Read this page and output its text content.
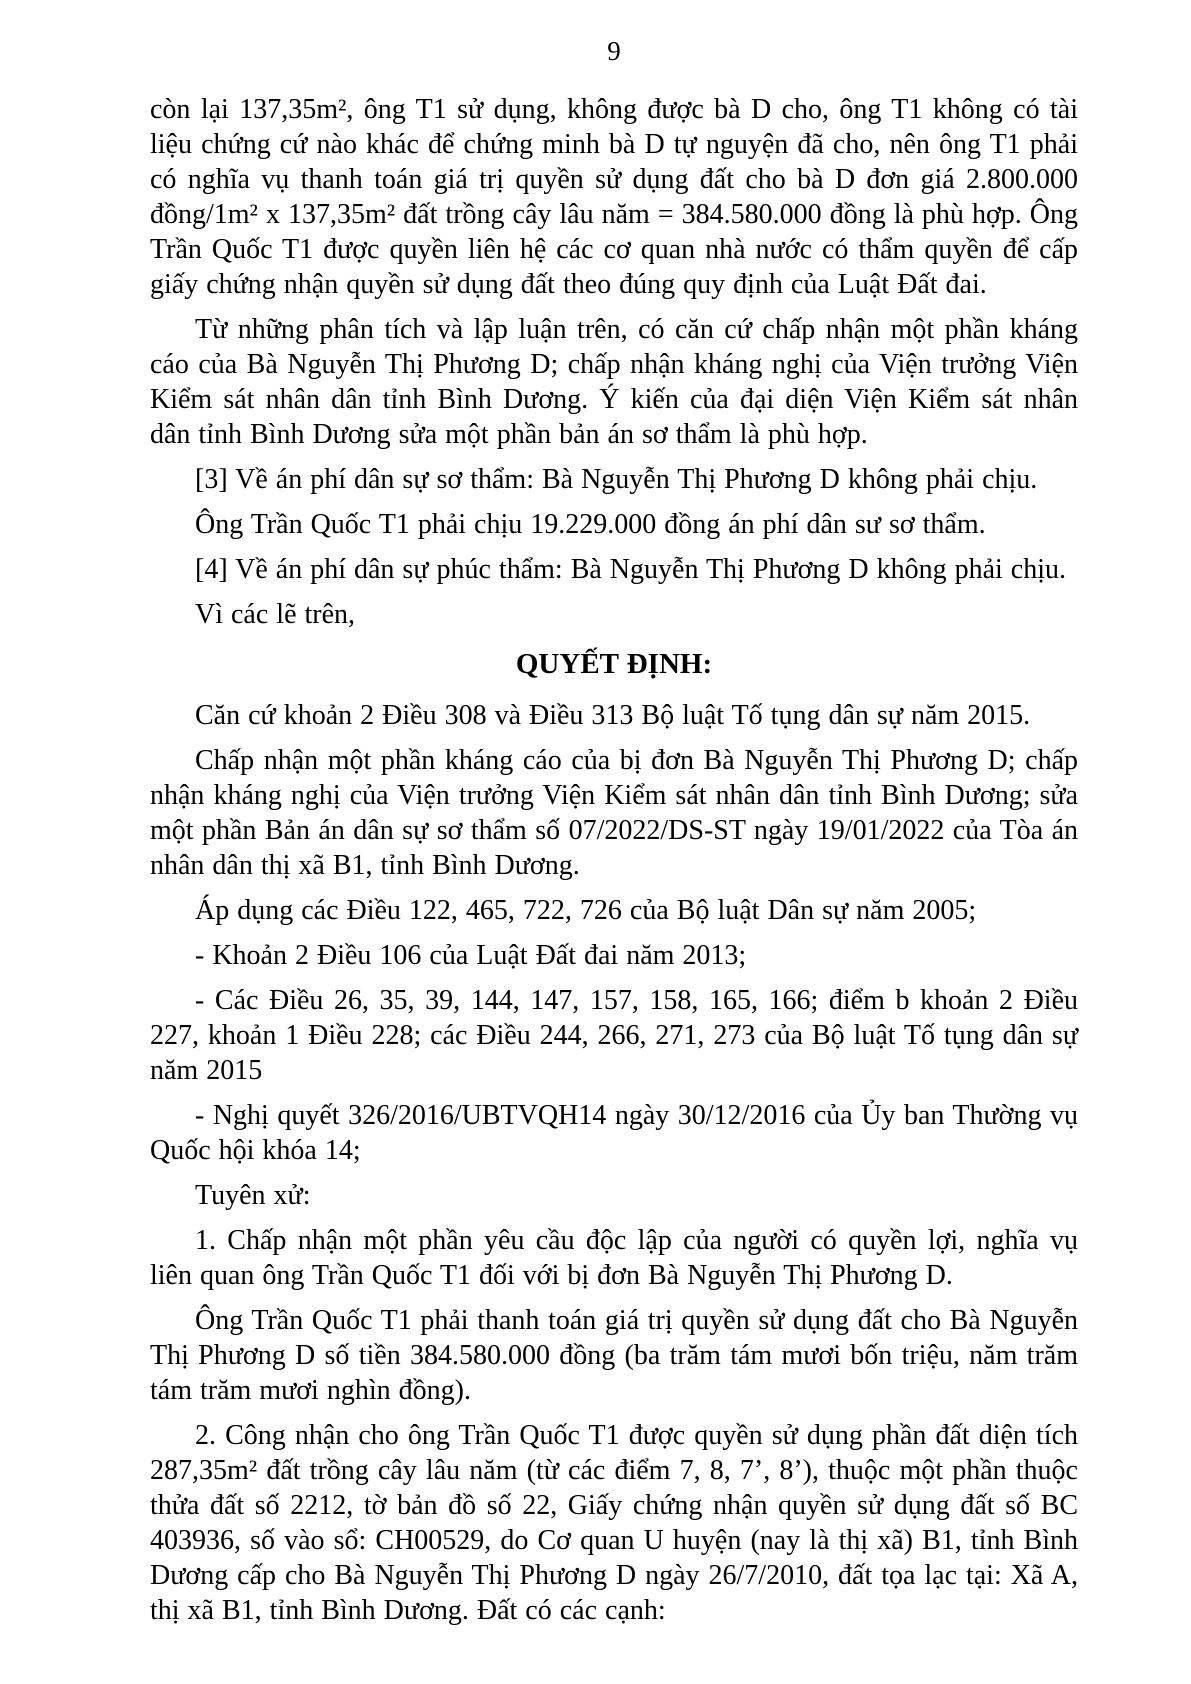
9

còn lại 137,35m², ông T1 sử dụng, không được bà D cho, ông T1 không có tài liệu chứng cứ nào khác để chứng minh bà D tự nguyện đã cho, nên ông T1 phải có nghĩa vụ thanh toán giá trị quyền sử dụng đất cho bà D đơn giá 2.800.000 đồng/1m² x 137,35m² đất trồng cây lâu năm = 384.580.000 đồng là phù hợp. Ông Trần Quốc T1 được quyền liên hệ các cơ quan nhà nước có thẩm quyền để cấp giấy chứng nhận quyền sử dụng đất theo đúng quy định của Luật Đất đai.

Từ những phân tích và lập luận trên, có căn cứ chấp nhận một phần kháng cáo của Bà Nguyễn Thị Phương D; chấp nhận kháng nghị của Viện trưởng Viện Kiểm sát nhân dân tỉnh Bình Dương. Ý kiến của đại diện Viện Kiểm sát nhân dân tỉnh Bình Dương sửa một phần bản án sơ thẩm là phù hợp.

[3] Về án phí dân sự sơ thẩm: Bà Nguyễn Thị Phương D không phải chịu.

Ông Trần Quốc T1 phải chịu 19.229.000 đồng án phí dân sư sơ thẩm.

[4] Về án phí dân sự phúc thẩm: Bà Nguyễn Thị Phương D không phải chịu.

Vì các lẽ trên,

QUYẾT ĐỊNH:

Căn cứ khoản 2 Điều 308 và Điều 313 Bộ luật Tố tụng dân sự năm 2015.

Chấp nhận một phần kháng cáo của bị đơn Bà Nguyễn Thị Phương D; chấp nhận kháng nghị của Viện trưởng Viện Kiểm sát nhân dân tỉnh Bình Dương; sửa một phần Bản án dân sự sơ thẩm số 07/2022/DS-ST ngày 19/01/2022 của Tòa án nhân dân thị xã B1, tỉnh Bình Dương.

Áp dụng các Điều 122, 465, 722, 726 của Bộ luật Dân sự năm 2005;

- Khoản 2 Điều 106 của Luật Đất đai năm 2013;

- Các Điều 26, 35, 39, 144, 147, 157, 158, 165, 166; điểm b khoản 2 Điều 227, khoản 1 Điều 228; các Điều 244, 266, 271, 273 của Bộ luật Tố tụng dân sự năm 2015

- Nghị quyết 326/2016/UBTVQH14 ngày 30/12/2016 của Ủy ban Thường vụ Quốc hội khóa 14;

Tuyên xử:

1. Chấp nhận một phần yêu cầu độc lập của người có quyền lợi, nghĩa vụ liên quan ông Trần Quốc T1 đối với bị đơn Bà Nguyễn Thị Phương D.

Ông Trần Quốc T1 phải thanh toán giá trị quyền sử dụng đất cho Bà Nguyễn Thị Phương D số tiền 384.580.000 đồng (ba trăm tám mươi bốn triệu, năm trăm tám trăm mươi nghìn đồng).

2. Công nhận cho ông Trần Quốc T1 được quyền sử dụng phần đất diện tích 287,35m² đất trồng cây lâu năm (từ các điểm 7, 8, 7’, 8’), thuộc một phần thuộc thửa đất số 2212, tờ bản đồ số 22, Giấy chứng nhận quyền sử dụng đất số BC 403936, số vào sổ: CH00529, do Cơ quan U huyện (nay là thị xã) B1, tỉnh Bình Dương cấp cho Bà Nguyễn Thị Phương D ngày 26/7/2010, đất tọa lạc tại: Xã A, thị xã B1, tỉnh Bình Dương. Đất có các cạnh:
